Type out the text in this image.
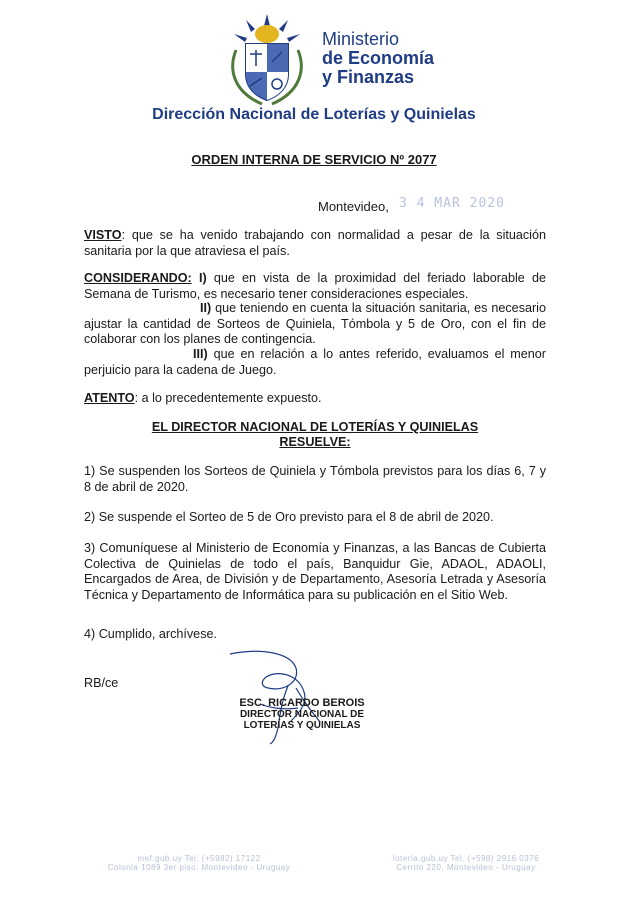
Ministerio
de Economía
y Finanzas
Dirección Nacional de Loterías y Quinielas
ORDEN INTERNA DE SERVICIO Nº 2077
Montevideo, 3 4 MAR 2020
VISTO: que se ha venido trabajando con normalidad a pesar de la situación sanitaria por la que atraviesa el país.
CONSIDERANDO: I) que en vista de la proximidad del feriado laborable de Semana de Turismo, es necesario tener consideraciones especiales.
II) que teniendo en cuenta la situación sanitaria, es necesario ajustar la cantidad de Sorteos de Quiniela, Tómbola y 5 de Oro, con el fin de colaborar con los planes de contingencia.
III) que en relación a lo antes referido, evaluamos el menor perjuicio para la cadena de Juego.
ATENTO: a lo precedentemente expuesto.
EL DIRECTOR NACIONAL DE LOTERÍAS Y QUINIELAS
RESUELVE:
1) Se suspenden los Sorteos de Quiniela y Tómbola previstos para los días 6, 7 y 8 de abril de 2020.
2) Se suspende el Sorteo de 5 de Oro previsto para el 8 de abril de 2020.
3) Comuníquese al Ministerio de Economía y Finanzas, a las Bancas de Cubierta Colectiva de Quinielas de todo el país, Banquidur Gie, ADAOL, ADAOLI, Encargados de Area, de División y de Departamento, Asesoría Letrada y Asesoría Técnica y Departamento de Informática para su publicación en el Sitio Web.
4) Cumplido, archívese.
RB/ce
ESC. RICARDO BEROIS
DIRECTOR NACIONAL DE
LOTERÍAS Y QUINIELAS
mef.gub.uy Tel. (+5982) 17122
Colonia 1089 3er piso. Montevideo - Uruguay
loteria.gub.uy Tel. (+598) 2916 0376
Cerrito 220, Montevideo - Uruguay
